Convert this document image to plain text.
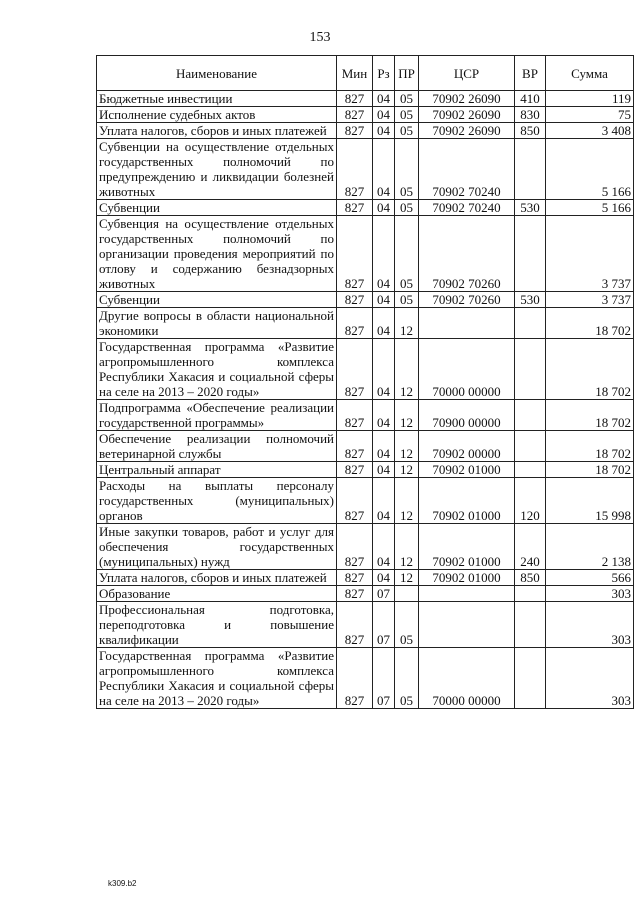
153
Наименование	Мин	Рз	ПР	ЦСР	ВР	Сумма
Бюджетные инвестиции	827	04	05	70902 26090	410	119
Исполнение судебных актов	827	04	05	70902 26090	830	75
Уплата налогов, сборов и иных платежей	827	04	05	70902 26090	850	3 408
Субвенции на осуществление отдельных государственных полномочий по предупреждению и ликвидации болезней животных	827	04	05	70902 70240		5 166
Субвенции	827	04	05	70902 70240	530	5 166
Субвенция на осуществление отдельных государственных полномочий по организации проведения мероприятий по отлову и содержанию безнадзорных животных	827	04	05	70902 70260		3 737
Субвенции	827	04	05	70902 70260	530	3 737
Другие вопросы в области национальной экономики	827	04	12			18 702
Государственная программа «Развитие агропромышленного комплекса Республики Хакасия и социальной сферы на селе на 2013 – 2020 годы»	827	04	12	70000 00000		18 702
Подпрограмма «Обеспечение реализации государственной программы»	827	04	12	70900 00000		18 702
Обеспечение реализации полномочий ветеринарной службы	827	04	12	70902 00000		18 702
Центральный аппарат	827	04	12	70902 01000		18 702
Расходы на выплаты персоналу государственных (муниципальных) органов	827	04	12	70902 01000	120	15 998
Иные закупки товаров, работ и услуг для обеспечения государственных (муниципальных) нужд	827	04	12	70902 01000	240	2 138
Уплата налогов, сборов и иных платежей	827	04	12	70902 01000	850	566
Образование	827	07				303
Профессиональная подготовка, переподготовка и повышение квалификации	827	07	05			303
Государственная программа «Развитие агропромышленного комплекса Республики Хакасия и социальной сферы на селе на 2013 – 2020 годы»	827	07	05	70000 00000		303
k309.b2
